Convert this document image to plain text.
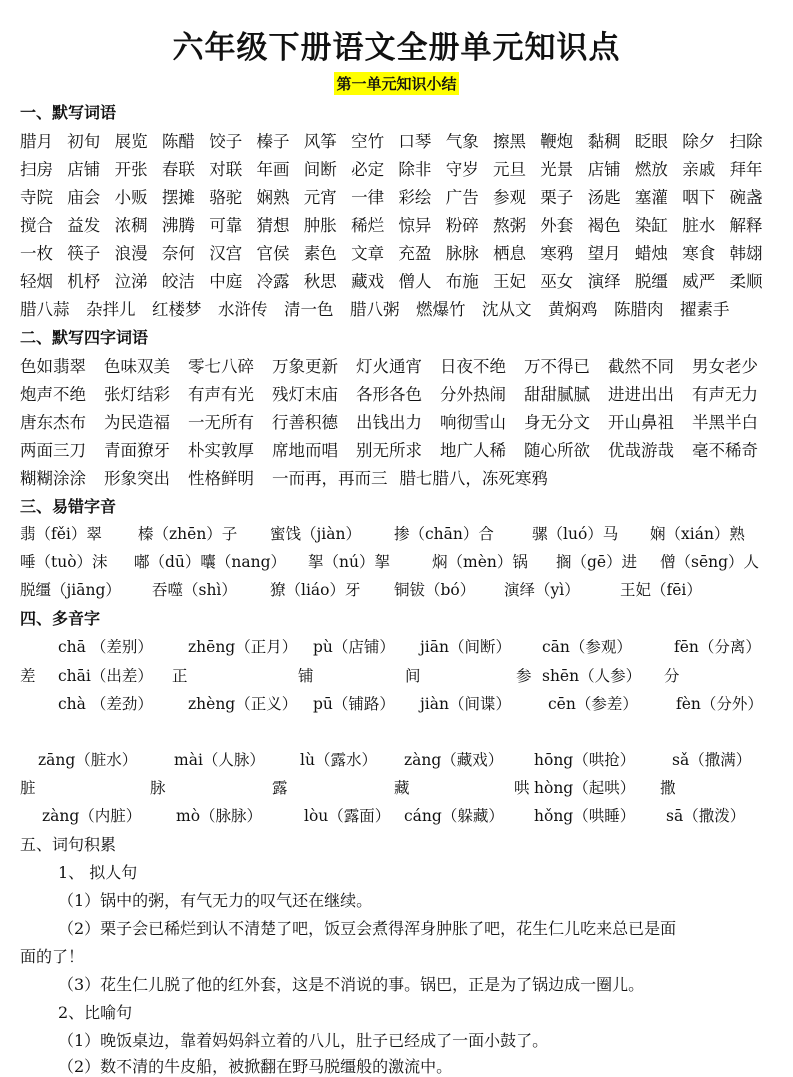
六年级下册语文全册单元知识点
第一单元知识小结
一、默写词语
腊月 初旬 展览 陈醋 饺子 榛子 风筝 空竹 口琴 气象 擦黑 鞭炮 黏稠 眨眼 除夕 扫除
扫房 店铺 开张 春联 对联 年画 间断 必定 除非 守岁 元旦 光景 店铺 燃放 亲戚 拜年
寺院 庙会 小贩 摆摊 骆驼 娴熟 元宵 一律 彩绘 广告 参观 栗子 汤匙 塞灌 咽下 碗盏
搅合 益发 浓稠 沸腾 可靠 猜想 肿胀 稀烂 惊异 粉碎 熬粥 外套 褐色 染缸 脏水 解释
一枚 筷子 浪漫 奈何 汉宫 官侯 素色 文章 充盈 脉脉 栖息 寒鸦 望月 蜡烛 寒食 韩翃
轻烟 机杼 泣涕 皎洁 中庭 冷露 秋思 藏戏 僧人 布施 王妃 巫女 演绎 脱缰 威严 柔顺
腊八蒜 杂拌儿 红楼梦 水浒传 清一色 腊八粥 燃爆竹 沈从文 黄焖鸡 陈腊肉 擢素手
二、默写四字词语
色如翡翠 色味双美 零七八碎 万象更新 灯火通宵 日夜不绝 万不得已 截然不同 男女老少
炮声不绝 张灯结彩 有声有光 残灯末庙 各形各色 分外热闹 甜甜腻腻 进进出出 有声无力
唐东杰布 为民造福 一无所有 行善积德 出钱出力 响彻雪山 身无分文 开山鼻祖 半黑半白
两面三刀 青面獠牙 朴实敦厚 席地而唱 别无所求 地广人稀 随心所欲 优哉游哉 毫不稀奇
糊糊涂涂 形象突出 性格鲜明 一而再，再而三 腊七腊八，冻死寒鸦
三、易错字音
翡（fěi）翠 榛（zhēn）子 蜜饯（jiàn） 掺（chān）合 骡（luó）马 娴（xián）熟
唾（tuò）沫 嘟（dū）囔（nang） 挐（nú）挐	焖（mèn）锅 搁（gē）进 僧（sēng）人
脱缰（jiāng） 吞噬（shì） 獠（liáo）牙 铜钹（bó） 演绎（yì）	王妃（fēi）
四、多音字
chā （差别） zhēng（正月） pù（店铺） jiān（间断） cān（参观）	fēn（分离）
差 chāi（出差） 正	铺	间	参 shēn（人参） 分
chà （差劲） zhèng（正义） pū（铺路） jiàn（间谍） cēn（参差） fèn（分外）
zāng（脏水） mài（人脉） lù（露水） zàng（藏戏） hōng（哄抢） sǎ（撒满）
脏	脉	露	藏	哄 hòng（起哄） 撒
zàng（内脏） mò（脉脉）	lòu（露面） cáng（躲藏） hǒng（哄睡） sā（撒泼）
五、词句积累
1、 拟人句
（1）锅中的粥，有气无力的叹气还在继续。
（2）栗子会已稀烂到认不清楚了吧，饭豆会煮得浑身肿胀了吧，花生仁儿吃来总已是面
面的了！
（3）花生仁儿脱了他的红外套，这是不消说的事。锅巴，正是为了锅边成一圈儿。
2、比喻句
（1）晚饭桌边，靠着妈妈斜立着的八儿，肚子已经成了一面小鼓了。
（2）数不清的牛皮船，被掀翻在野马脱缰般的激流中。
